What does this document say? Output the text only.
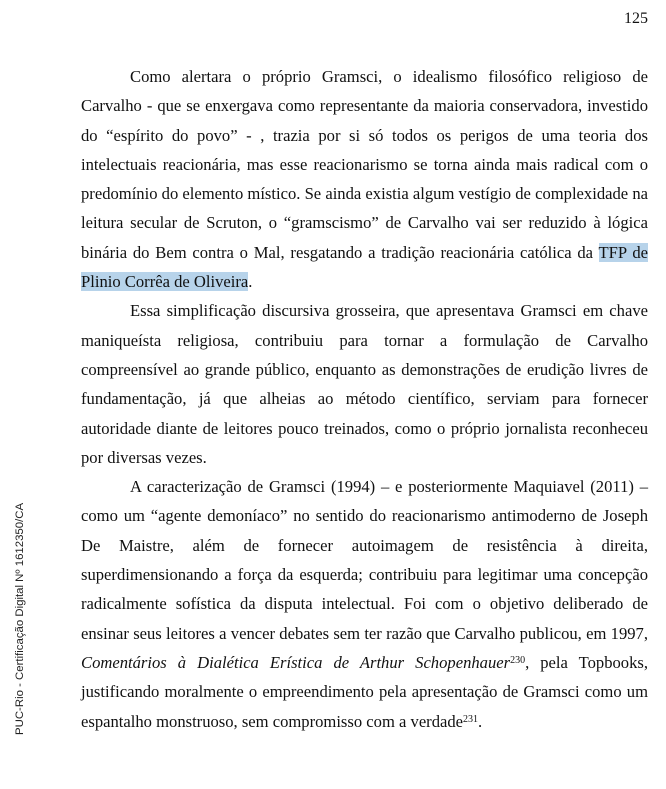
125
PUC-Rio - Certificação Digital Nº 1612350/CA

Como alertara o próprio Gramsci, o idealismo filosófico religioso de Carvalho - que se enxergava como representante da maioria conservadora, investido do “espírito do povo” - , trazia por si só todos os perigos de uma teoria dos intelectuais reacionária, mas esse reacionarismo se torna ainda mais radical com o predomínio do elemento místico. Se ainda existia algum vestígio de complexidade na leitura secular de Scruton, o “gramscismo” de Carvalho vai ser reduzido à lógica binária do Bem contra o Mal, resgatando a tradição reacionária católica da TFP de Plinio Corrêa de Oliveira.

Essa simplificação discursiva grosseira, que apresentava Gramsci em chave maniqueísta religiosa, contribuiu para tornar a formulação de Carvalho compreensível ao grande público, enquanto as demonstrações de erudição livres de fundamentação, já que alheias ao método científico, serviam para fornecer autoridade diante de leitores pouco treinados, como o próprio jornalista reconheceu por diversas vezes.

A caracterização de Gramsci (1994) – e posteriormente Maquiavel (2011) – como um “agente demoníaco” no sentido do reacionarismo antimoderno de Joseph De Maistre, além de fornecer autoimagem de resistência à direita, superdimensionando a força da esquerda; contribuiu para legitimar uma concepção radicalmente sofística da disputa intelectual. Foi com o objetivo deliberado de ensinar seus leitores a vencer debates sem ter razão que Carvalho publicou, em 1997, Comentários à Dialética Erística de Arthur Schopenhauer$^{230}$, pela Topbooks, justificando moralmente o empreendimento pela apresentação de Gramsci como um espantalho monstruoso, sem compromisso com a verdade$^{231}$.
